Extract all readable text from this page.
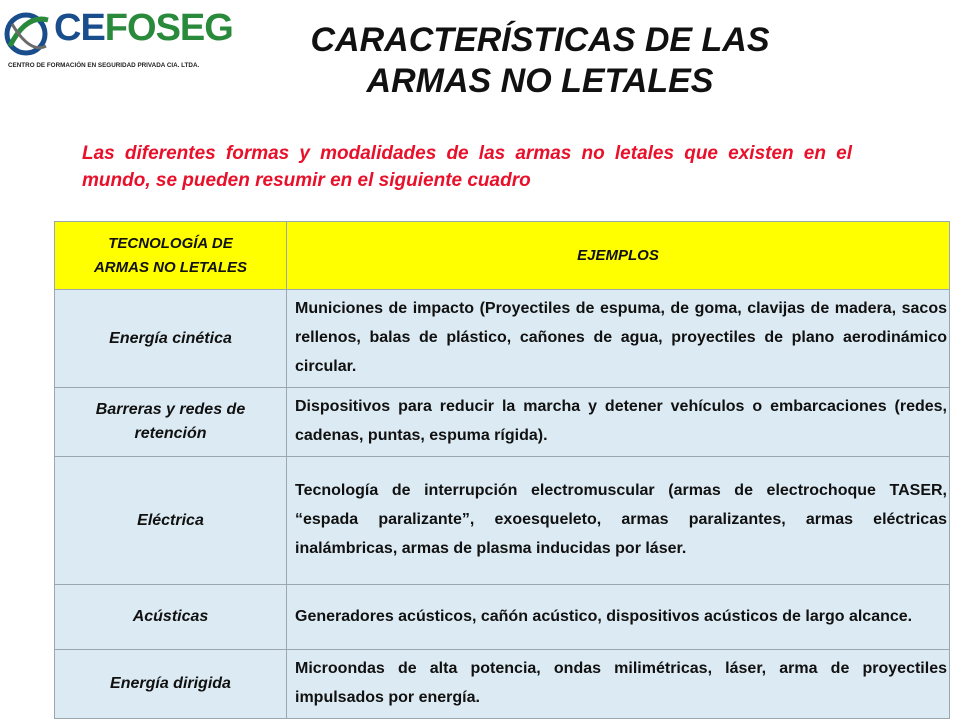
CEFOSEG
CENTRO DE FORMACIÓN EN SEGURIDAD PRIVADA CIA. LTDA.
CARACTERÍSTICAS DE LAS
ARMAS NO LETALES
Las diferentes formas y modalidades de las armas no letales que existen en el mundo, se pueden resumir en el siguiente cuadro
TECNOLOGÍA DE
ARMAS NO LETALES	EJEMPLOS
Energía cinética	Municiones de impacto (Proyectiles de espuma, de goma, clavijas de madera, sacos rellenos, balas de plástico, cañones de agua, proyectiles de plano aerodinámico circular.
Barreras y redes de retención	Dispositivos para reducir la marcha y detener vehículos o embarcaciones (redes, cadenas, puntas, espuma rígida).
Eléctrica	Tecnología de interrupción electromuscular (armas de electrochoque TASER, “espada paralizante”, exoesqueleto, armas paralizantes, armas eléctricas inalámbricas, armas de plasma inducidas por láser.
Acústicas	Generadores acústicos, cañón acústico, dispositivos acústicos de largo alcance.
Energía dirigida	Microondas de alta potencia, ondas milimétricas, láser, arma de proyectiles impulsados por energía.
